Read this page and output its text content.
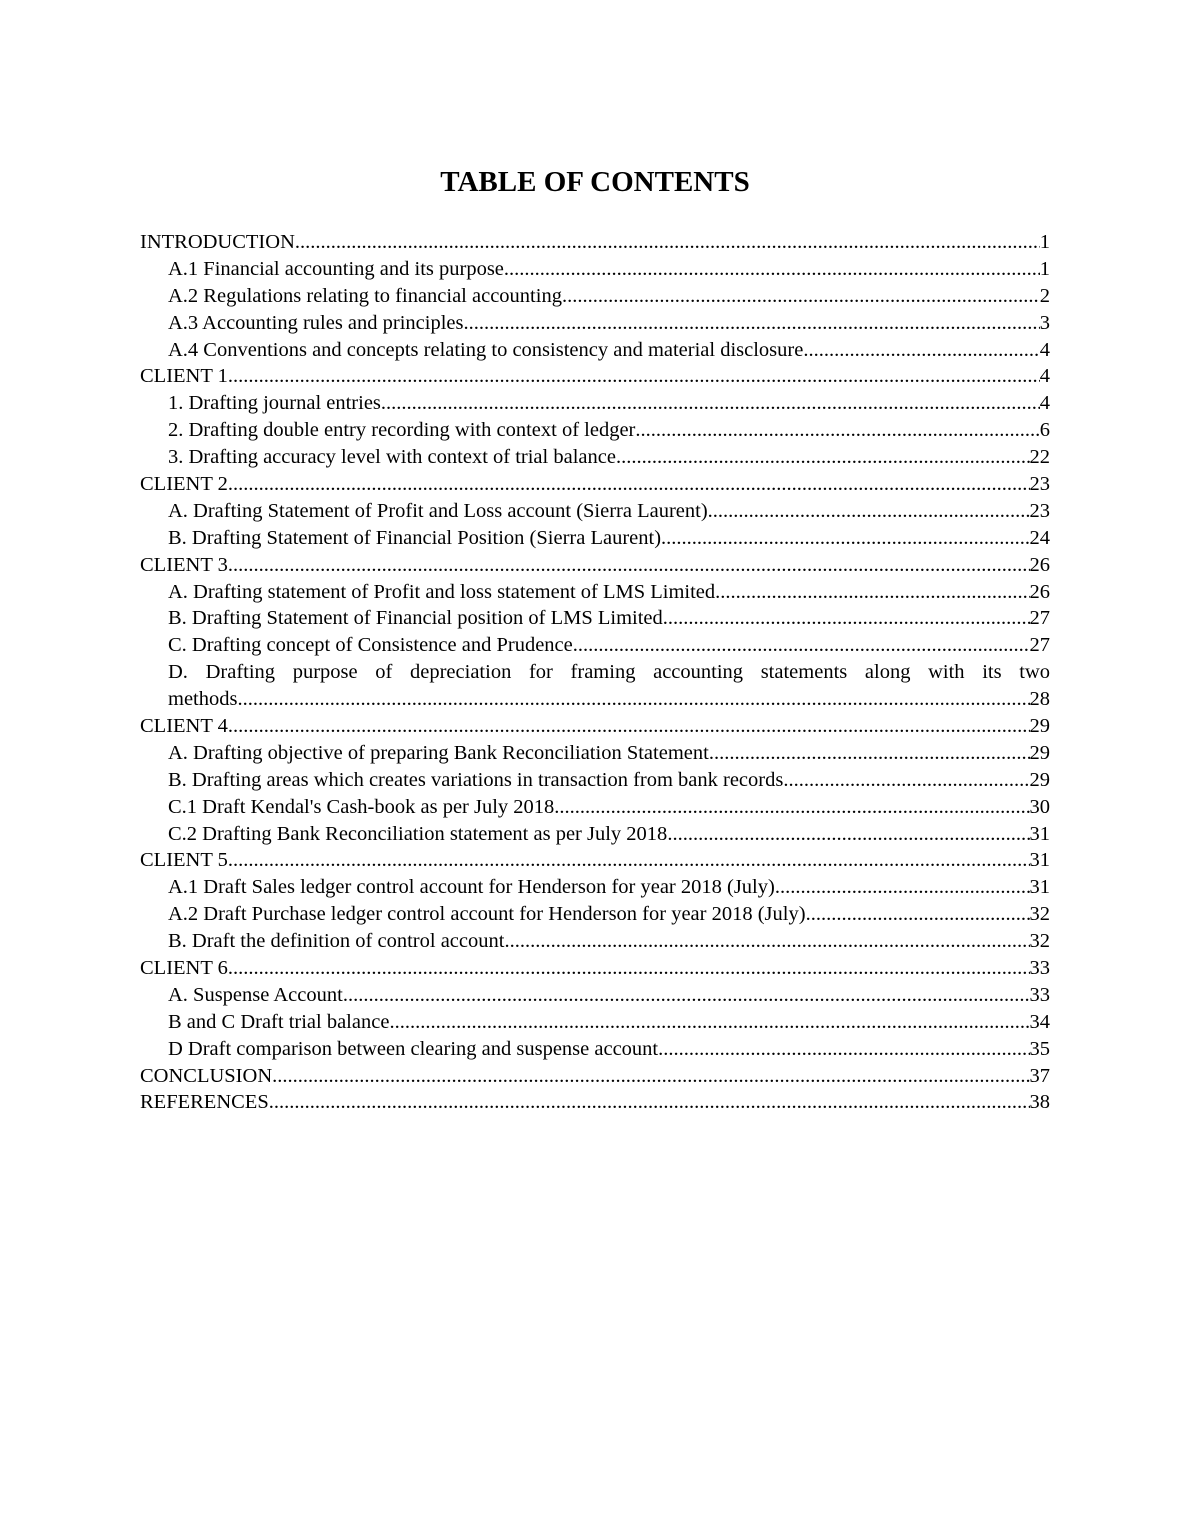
TABLE OF CONTENTS
INTRODUCTION .....	1
A.1 Financial accounting and its purpose .....	1
A.2 Regulations relating to financial accounting .....	2
A.3 Accounting rules and principles .....	3
A.4 Conventions and concepts relating to consistency and material disclosure .....	4
CLIENT 1 .....	4
1. Drafting journal entries .....	4
2. Drafting double entry recording with context of ledger .....	6
3. Drafting accuracy level with context of trial balance .....	22
CLIENT 2 .....	23
A. Drafting Statement of Profit and Loss account (Sierra Laurent) .....	23
B. Drafting Statement of Financial Position (Sierra Laurent) .....	24
CLIENT 3 .....	26
A. Drafting statement of Profit and loss statement of LMS Limited .....	26
B. Drafting Statement of Financial position of LMS Limited .....	27
C. Drafting concept of Consistence and Prudence .....	27
D. Drafting purpose of depreciation for framing accounting statements along with its two
methods .....	28
CLIENT 4 .....	29
A. Drafting objective of preparing Bank Reconciliation Statement .....	29
B. Drafting areas which creates variations in transaction from bank records .....	29
C.1 Draft Kendal's Cash-book as per July 2018 .....	30
C.2 Drafting Bank Reconciliation statement as per July 2018 .....	31
CLIENT 5 .....	31
A.1 Draft Sales ledger control account for Henderson for year 2018 (July) .....	31
A.2 Draft Purchase ledger control account for Henderson for year 2018 (July) .....	32
B. Draft the definition of control account .....	32
CLIENT 6 .....	33
A. Suspense Account .....	33
B and C Draft trial balance .....	34
D Draft comparison between clearing and suspense account .....	35
CONCLUSION .....	37
REFERENCES .....	38
